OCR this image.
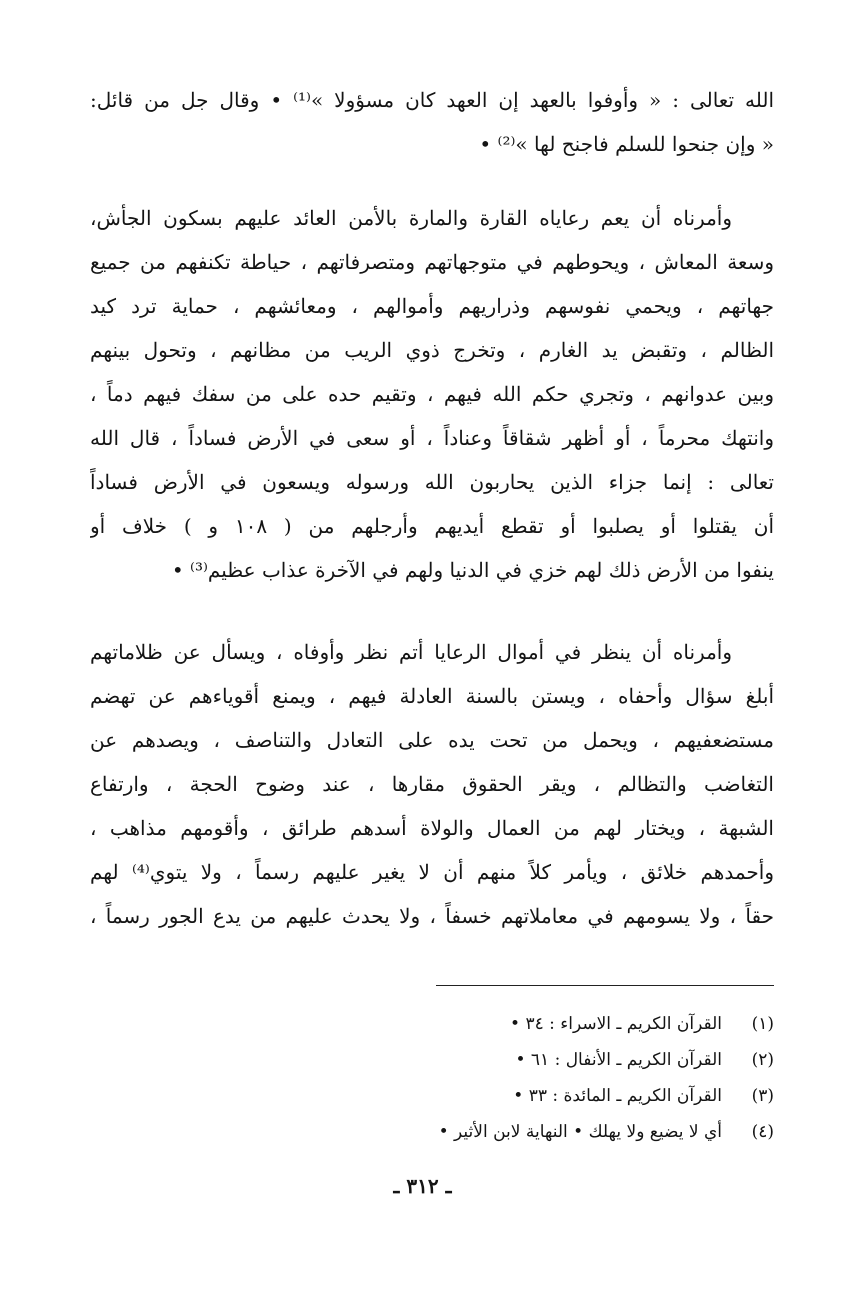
الله تعالى : « وأوفوا بالعهد إن العهد كان مسؤولا »⁽¹⁾ • وقال جل من قائل:
« وإن جنحوا للسلم فاجنح لها »⁽²⁾ •
وأمرناه أن يعم رعاياه القارة والمارة بالأمن العائد عليهم بسكون الجأش،
وسعة المعاش ، ويحوطهم في متوجهاتهم ومتصرفاتهم ، حياطة تكنفهم من جميع
جهاتهم ، ويحمي نفوسهم وذراريهم وأموالهم ، ومعائشهم ، حماية ترد كيد
الظالم ، وتقبض يد الغارم ، وتخرج ذوي الريب من مظانهم ، وتحول بينهم
وبين عدوانهم ، وتجري حكم الله فيهم ، وتقيم حده على من سفك فيهم دماً ،
وانتهك محرماً ، أو أظهر شقاقاً وعناداً ، أو سعى في الأرض فساداً ، قال الله
تعالى : إنما جزاء الذين يحاربون الله ورسوله ويسعون في الأرض فساداً
أن يقتلوا أو يصلبوا أو تقطع أيديهم وأرجلهم من ( ١٠٨ و ) خلاف أو
ينفوا من الأرض ذلك لهم خزي في الدنيا ولهم في الآخرة عذاب عظيم⁽³⁾ •
وأمرناه أن ينظر في أموال الرعايا أتم نظر وأوفاه ، ويسأل عن ظلاماتهم
أبلغ سؤال وأحفاه ، ويستن بالسنة العادلة فيهم ، ويمنع أقوياءهم عن تهضم
مستضعفيهم ، ويحمل من تحت يده على التعادل والتناصف ، ويصدهم عن
التغاضب والتظالم ، ويقر الحقوق مقارها ، عند وضوح الحجة ، وارتفاع
الشبهة ، ويختار لهم من العمال والولاة أسدهم طرائق ، وأقومهم مذاهب ،
وأحمدهم خلائق ، ويأمر كلاً منهم أن لا يغير عليهم رسماً ، ولا يتوي⁽⁴⁾ لهم
حقاً ، ولا يسومهم في معاملاتهم خسفاً ، ولا يحدث عليهم من يدع الجور رسماً ،
(١)
القرآن الكريم ـ الاسراء : ٣٤ •
(٢)
القرآن الكريم ـ الأنفال : ٦١ •
(٣)
القرآن الكريم ـ المائدة : ٣٣ •
(٤)
أي لا يضيع ولا يهلك • النهاية لابن الأثير •
ـ ٣١٢ ـ
